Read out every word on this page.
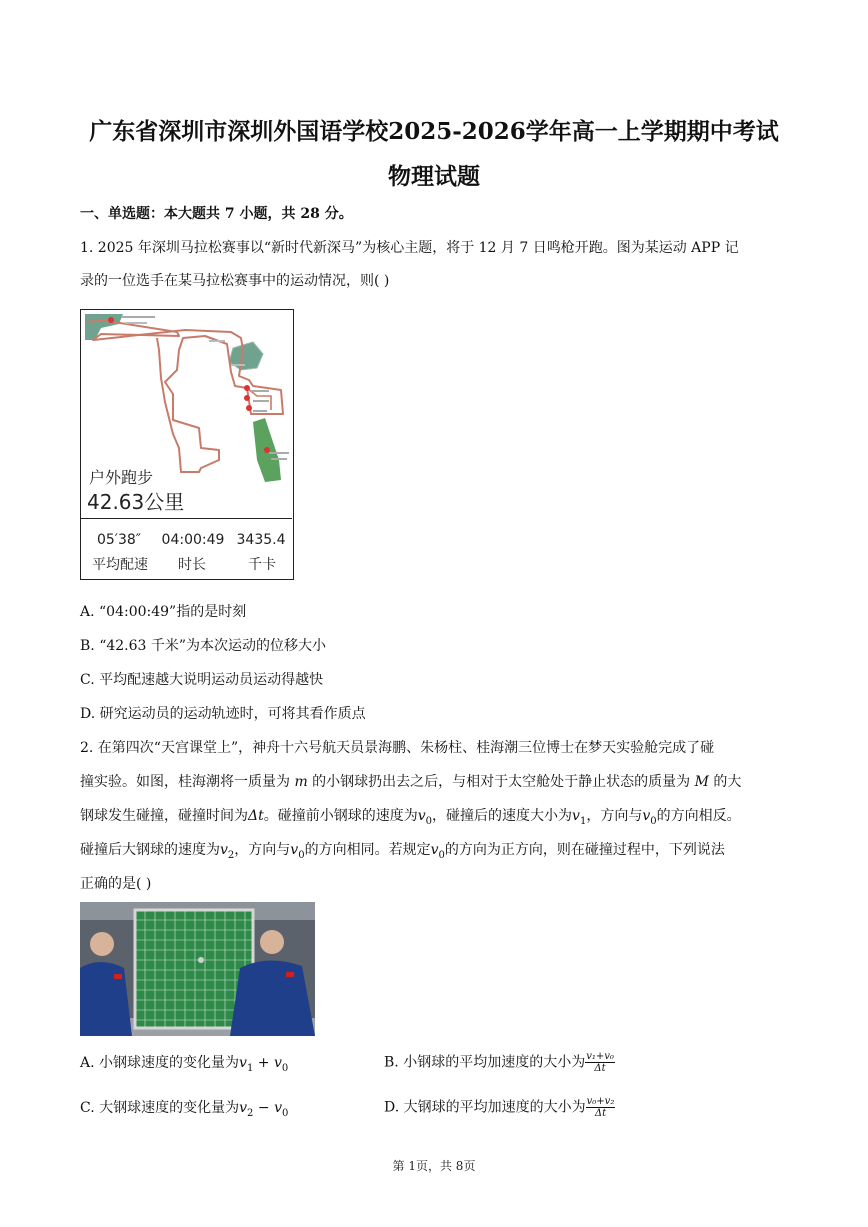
广东省深圳市深圳外国语学校2025-2026学年高一上学期期中考试
物理试题
一、单选题：本大题共 7 小题，共 28 分。
1. 2025 年深圳马拉松赛事以“新时代新深马”为核心主题，将于 12 月 7 日鸣枪开跑。图为某运动 APP 记
录的一位选手在某马拉松赛事中的运动情况，则( )
户外跑步
42.63公里
05′38″	04:00:49 3435.4
平均配速	时长	千卡
A. “04:00:49”指的是时刻
B. “42.63 千米”为本次运动的位移大小
C. 平均配速越大说明运动员运动得越快
D. 研究运动员的运动轨迹时，可将其看作质点
2. 在第四次“天宫课堂上”，神舟十六号航天员景海鹏、朱杨柱、桂海潮三位博士在梦天实验舱完成了碰
撞实验。如图，桂海潮将一质量为 m 的小钢球扔出去之后，与相对于太空舱处于静止状态的质量为 M 的大
钢球发生碰撞，碰撞时间为Δt。碰撞前小钢球的速度为$v_0$，碰撞后的速度大小为$v_1$，方向与$v_0$的方向相反。
碰撞后大钢球的速度为$v_2$，方向与$v_0$的方向相同。若规定$v_0$的方向为正方向，则在碰撞过程中，下列说法
正确的是( )
A. 小钢球速度的变化量为$v_1 + v_0$	B. 小钢球的平均加速度的大小为 $\frac{\text{v₁+v₀}}{\Delta t}$
C. 大钢球速度的变化量为$v_2 - v_0$	D. 大钢球的平均加速度的大小为 $\frac{\text{v₀+v₂}}{\Delta t}$
第 1页，共 8页
